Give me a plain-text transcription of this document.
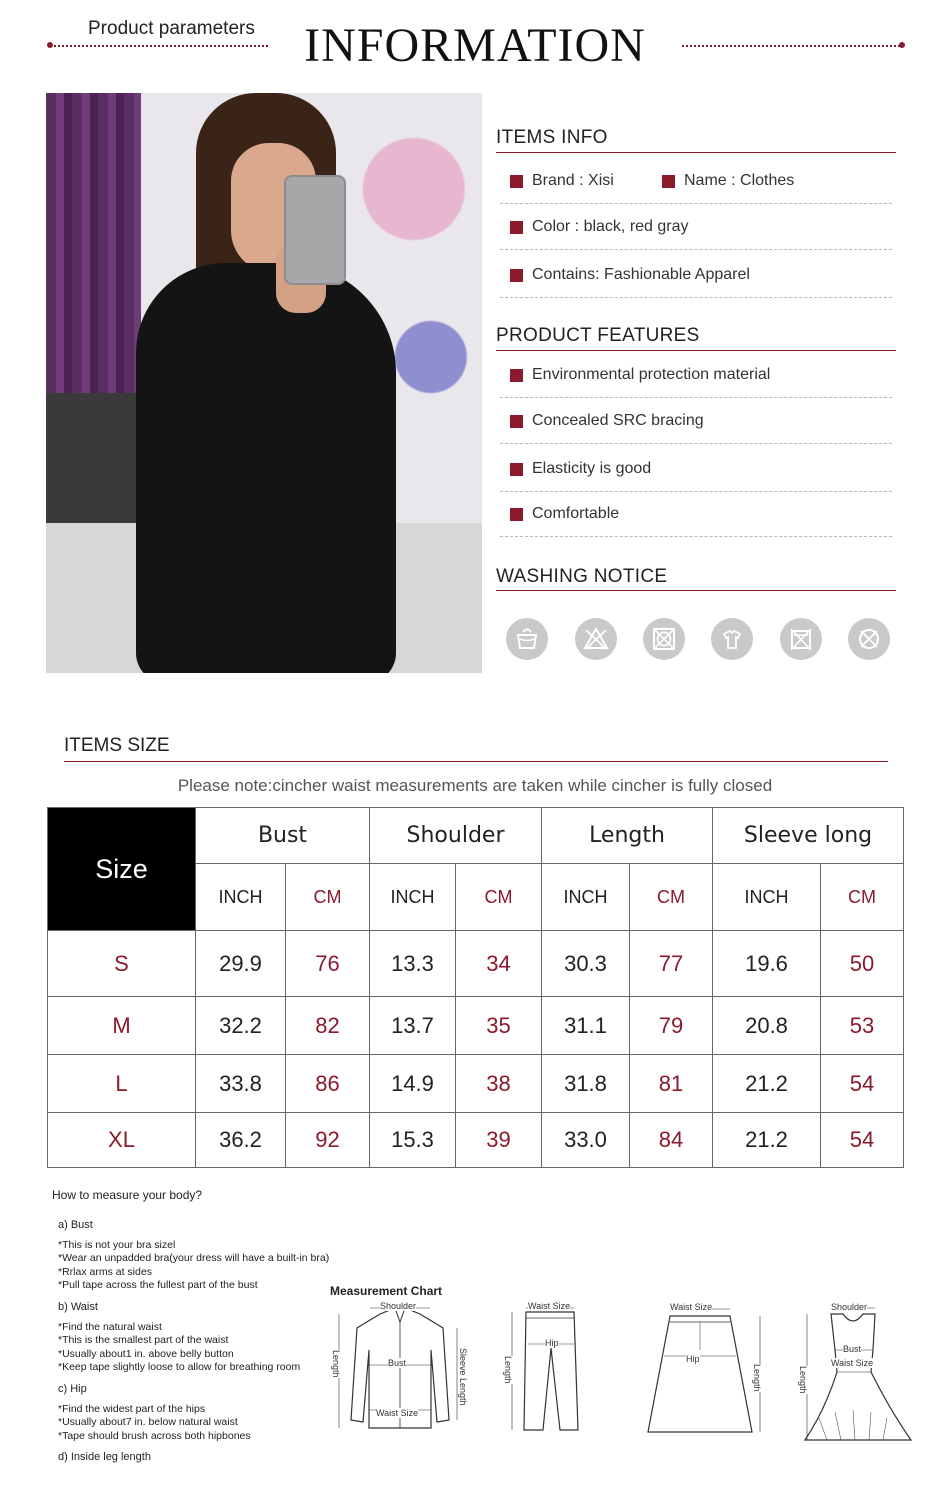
Product parameters INFORMATION
ITEMS INFO
Brand : Xisi	Name : Clothes
Color : black, red gray
Contains: Fashionable Apparel
PRODUCT FEATURES
Environmental protection material
Concealed SRC bracing
Elasticity is good
Comfortable
WASHING NOTICE
ITEMS SIZE
Please note:cincher waist measurements are taken while cincher is fully closed
Size	Bust		Shoulder		Length		Sleeve long	
	INCH	CM	INCH	CM	INCH	CM	INCH	CM
S	29.9	76	13.3	34	30.3	77	19.6	50
M	32.2	82	13.7	35	31.1	79	20.8	53
L	33.8	86	14.9	38	31.8	81	21.2	54
XL	36.2	92	15.3	39	33.0	84	21.2	54
How to measure your body?
a) Bust
*This is not your bra sizel
*Wear an unpadded bra(your dress will have a built-in bra)
*Rrlax arms at sides
*Pull tape across the fullest part of the bust
b) Waist
*Find the natural waist
*This is the smallest part of the waist
*Usually about1 in. above belly button
*Keep tape slightly loose to allow for breathing room
c) Hip
*Find the widest part of the hips
*Usually about7 in. below natural waist
*Tape should brush across both hipbones
d) Inside leg length
Measurement Chart
Shoulder
Bust
Waist Size
Length	Sleeve Length
Waist Size
Hip
Length
Waist Size
Hip
Length
Shoulder
Bust
Waist Size
Length
